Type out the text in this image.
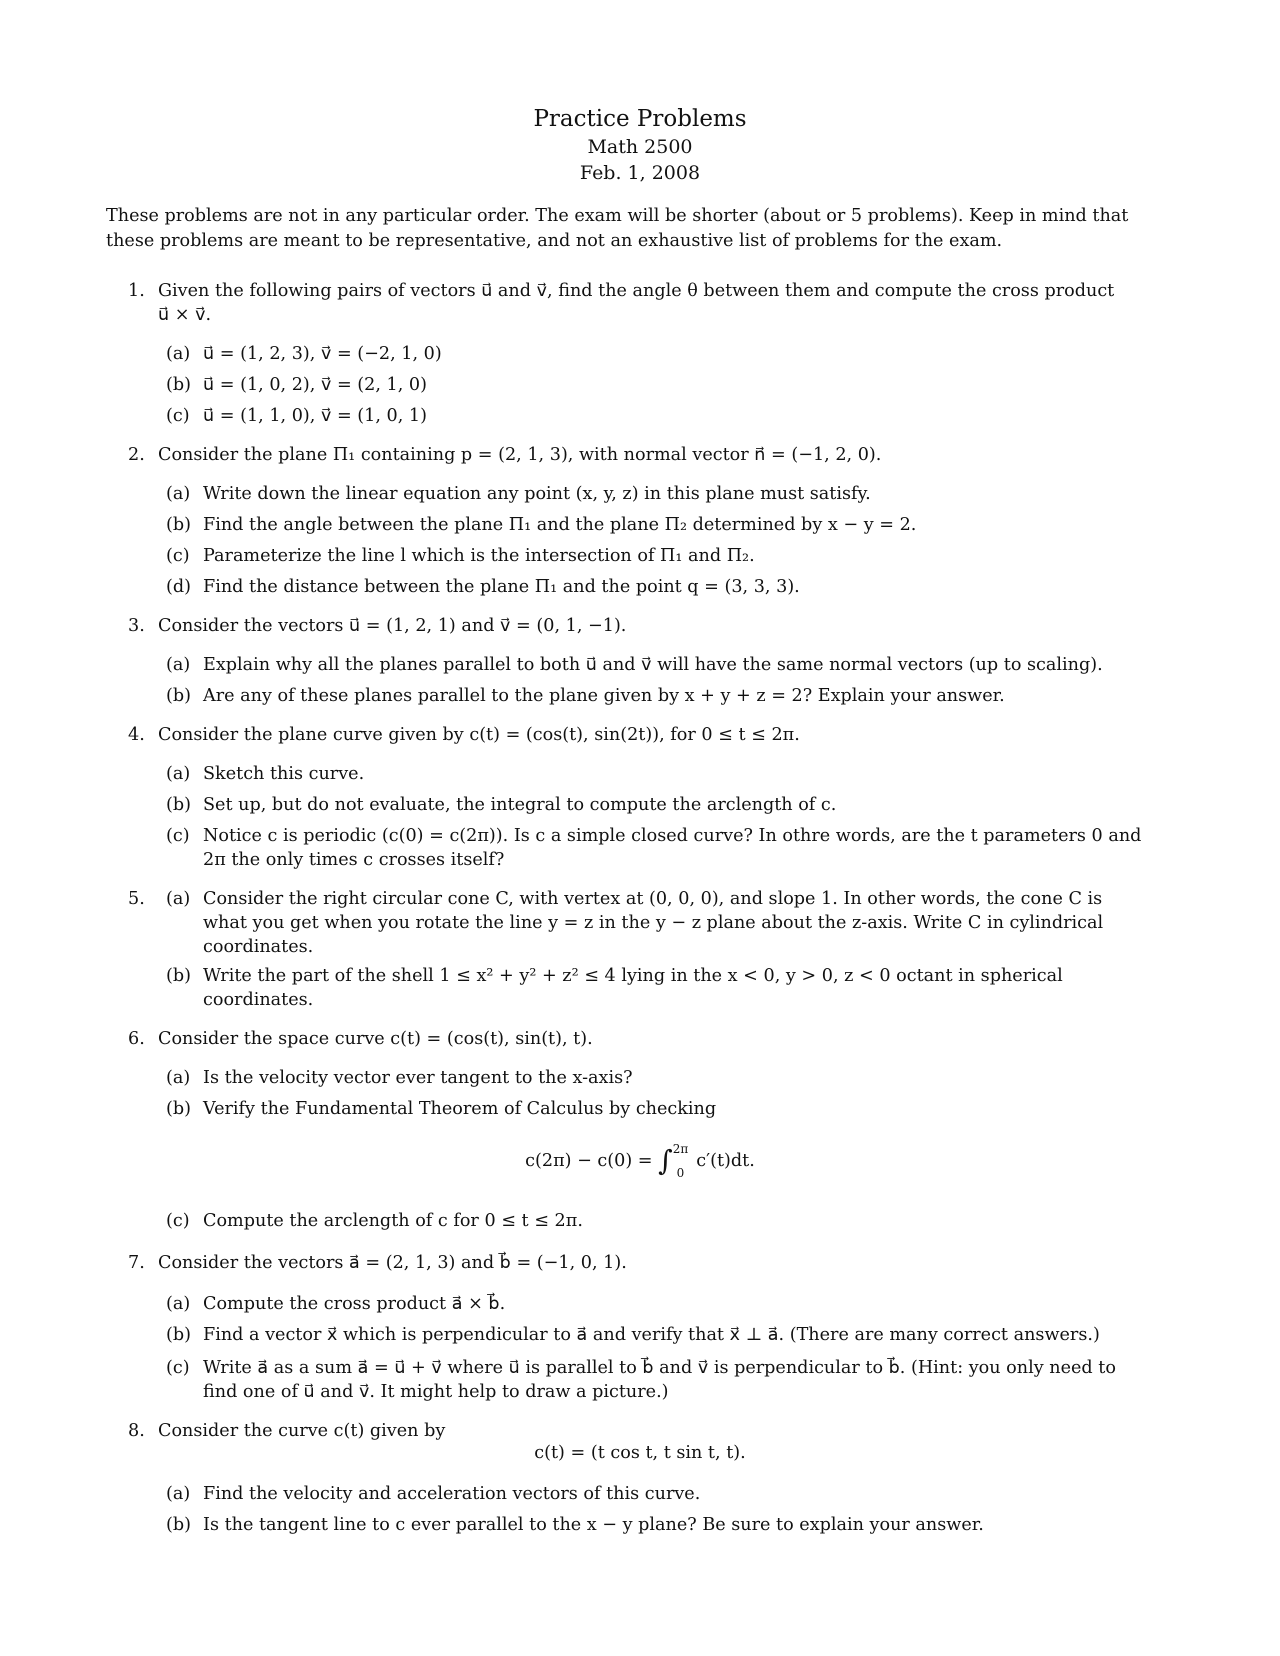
Practice Problems
Math 2500
Feb. 1, 2008
These problems are not in any particular order. The exam will be shorter (about or 5 problems). Keep in mind that
these problems are meant to be representative, and not an exhaustive list of problems for the exam.
1. Given the following pairs of vectors u⃗ and v⃗, find the angle θ between them and compute the cross product
u⃗ × v⃗.
(a) u⃗ = (1, 2, 3), v⃗ = (−2, 1, 0)
(b) u⃗ = (1, 0, 2), v⃗ = (2, 1, 0)
(c) u⃗ = (1, 1, 0), v⃗ = (1, 0, 1)
2. Consider the plane Π₁ containing p = (2, 1, 3), with normal vector n⃗ = (−1, 2, 0).
(a) Write down the linear equation any point (x, y, z) in this plane must satisfy.
(b) Find the angle between the plane Π₁ and the plane Π₂ determined by x − y = 2.
(c) Parameterize the line l which is the intersection of Π₁ and Π₂.
(d) Find the distance between the plane Π₁ and the point q = (3, 3, 3).
3. Consider the vectors u⃗ = (1, 2, 1) and v⃗ = (0, 1, −1).
(a) Explain why all the planes parallel to both u⃗ and v⃗ will have the same normal vectors (up to scaling).
(b) Are any of these planes parallel to the plane given by x + y + z = 2? Explain your answer.
4. Consider the plane curve given by c(t) = (cos(t), sin(2t)), for 0 ≤ t ≤ 2π.
(a) Sketch this curve.
(b) Set up, but do not evaluate, the integral to compute the arclength of c.
(c) Notice c is periodic (c(0) = c(2π)). Is c a simple closed curve? In othre words, are the t parameters 0 and
2π the only times c crosses itself?
5. (a) Consider the right circular cone C, with vertex at (0, 0, 0), and slope 1. In other words, the cone C is
what you get when you rotate the line y = z in the y − z plane about the z-axis. Write C in cylindrical
coordinates.
(b) Write the part of the shell 1 ≤ x² + y² + z² ≤ 4 lying in the x < 0, y > 0, z < 0 octant in spherical
coordinates.
6. Consider the space curve c(t) = (cos(t), sin(t), t).
(a) Is the velocity vector ever tangent to the x-axis?
(b) Verify the Fundamental Theorem of Calculus by checking
c(2π) − c(0) = ∫ 2π
0
c′(t)dt.
(c) Compute the arclength of c for 0 ≤ t ≤ 2π.
7. Consider the vectors a⃗ = (2, 1, 3) and b⃗ = (−1, 0, 1).
(a) Compute the cross product a⃗ × b⃗.
(b) Find a vector x⃗ which is perpendicular to a⃗ and verify that x⃗ ⊥ a⃗. (There are many correct answers.)
(c) Write a⃗ as a sum a⃗ = u⃗ + v⃗ where u⃗ is parallel to b⃗ and v⃗ is perpendicular to b⃗. (Hint: you only need to
find one of u⃗ and v⃗. It might help to draw a picture.)
8. Consider the curve c(t) given by
c(t) = (t cos t, t sin t, t).
(a) Find the velocity and acceleration vectors of this curve.
(b) Is the tangent line to c ever parallel to the x − y plane? Be sure to explain your answer.
